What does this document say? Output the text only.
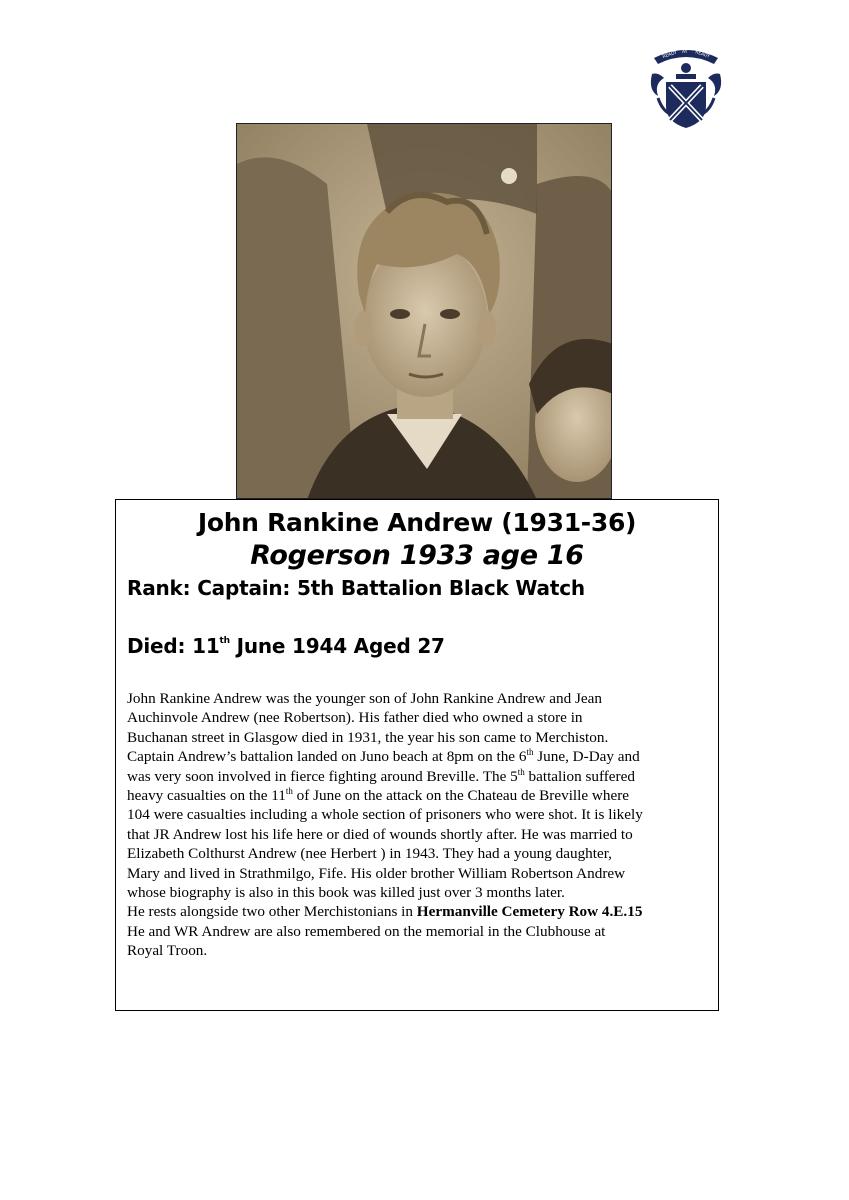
READY AY READY
John Rankine Andrew (1931-36)
Rogerson 1933 age 16
Rank: Captain: 5th Battalion Black Watch
Died: 11th June 1944 Aged 27
John Rankine Andrew was the younger son of John Rankine Andrew and Jean
Auchinvole Andrew (nee Robertson). His father died who owned a store in
Buchanan street in Glasgow died in 1931, the year his son came to Merchiston.
Captain Andrew’s battalion landed on Juno beach at 8pm on the 6th June, D-Day and
was very soon involved in fierce fighting around Breville. The 5th battalion suffered
heavy casualties on the 11th of June on the attack on the Chateau de Breville where
104 were casualties including a whole section of prisoners who were shot. It is likely
that JR Andrew lost his life here or died of wounds shortly after. He was married to
Elizabeth Colthurst Andrew (nee Herbert ) in 1943. They had a young daughter,
Mary and lived in Strathmilgo, Fife. His older brother William Robertson Andrew
whose biography is also in this book was killed just over 3 months later.
He rests alongside two other Merchistonians in Hermanville Cemetery Row 4.E.15
He and WR Andrew are also remembered on the memorial in the Clubhouse at
Royal Troon.
